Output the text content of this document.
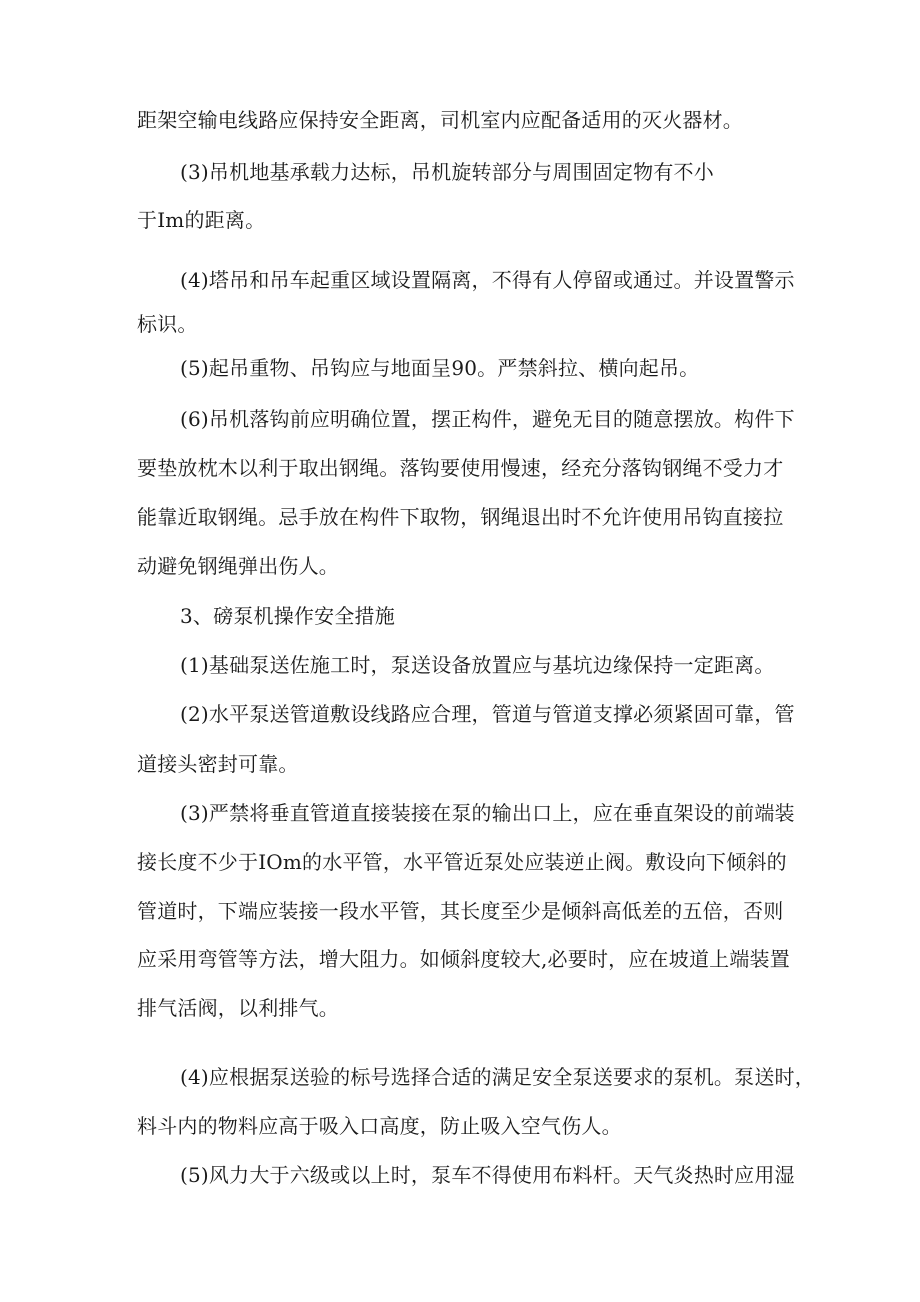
距架空输电线路应保持安全距离，司机室内应配备适用的灭火器材。
(3)吊机地基承载力达标，吊机旋转部分与周围固定物有不小
于Im的距离。
(4)塔吊和吊车起重区域设置隔离，不得有人停留或通过。并设置警示
标识。
(5)起吊重物、吊钩应与地面呈90。严禁斜拉、横向起吊。
(6)吊机落钩前应明确位置，摆正构件，避免无目的随意摆放。构件下
要垫放枕木以利于取出钢绳。落钩要使用慢速，经充分落钩钢绳不受力才
能靠近取钢绳。忌手放在构件下取物，钢绳退出时不允许使用吊钩直接拉
动避免钢绳弹出伤人。
3、磅泵机操作安全措施
(1)基础泵送佐施工时，泵送设备放置应与基坑边缘保持一定距离。
(2)水平泵送管道敷设线路应合理，管道与管道支撑必须紧固可靠，管
道接头密封可靠。
(3)严禁将垂直管道直接装接在泵的输出口上，应在垂直架设的前端装
接长度不少于IOm的水平管，水平管近泵处应装逆止阀。敷设向下倾斜的
管道时，下端应装接一段水平管，其长度至少是倾斜高低差的五倍，否则
应采用弯管等方法，增大阻力。如倾斜度较大,必要时，应在坡道上端装置
排气活阀，以利排气。
(4)应根据泵送验的标号选择合适的满足安全泵送要求的泵机。泵送时，
料斗内的物料应高于吸入口高度，防止吸入空气伤人。
(5)风力大于六级或以上时，泵车不得使用布料杆。天气炎热时应用湿
